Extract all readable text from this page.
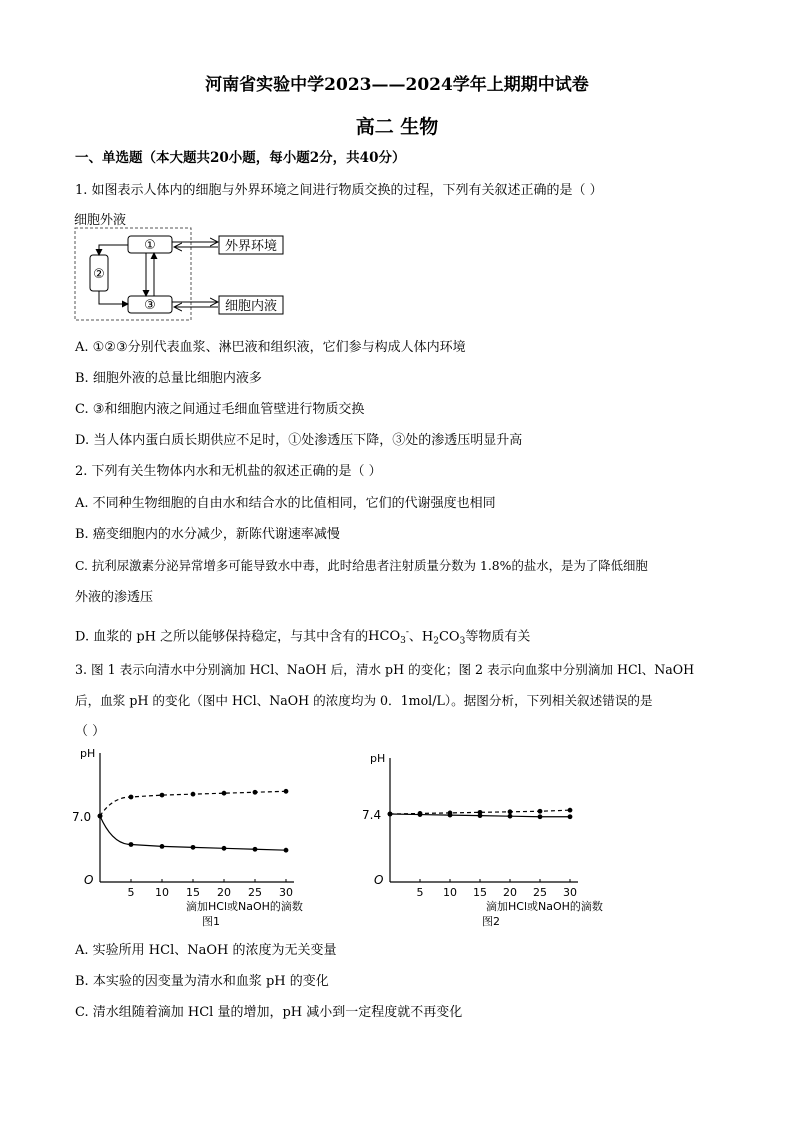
河南省实验中学2023——2024学年上期期中试卷
高二 生物
一、单选题（本大题共20小题，每小题2分，共40分）
1. 如图表示人体内的细胞与外界环境之间进行物质交换的过程，下列有关叙述正确的是（ ）
细胞外液
①
③
②
外界环境
细胞内液
A. ①②③分别代表血浆、淋巴液和组织液，它们参与构成人体内环境
B. 细胞外液的总量比细胞内液多
C. ③和细胞内液之间通过毛细血管壁进行物质交换
D. 当人体内蛋白质长期供应不足时，①处渗透压下降，③处的渗透压明显升高
2. 下列有关生物体内水和无机盐的叙述正确的是（ ）
A. 不同种生物细胞的自由水和结合水的比值相同，它们的代谢强度也相同
B. 癌变细胞内的水分减少，新陈代谢速率减慢
C. 抗利尿激素分泌异常增多可能导致水中毒，此时给患者注射质量分数为 1.8%的盐水，是为了降低细胞
外液的渗透压
D. 血浆的 pH 之所以能够保持稳定，与其中含有的$HCO_3^-$、$H_2CO_3$等物质有关
3. 图 1 表示向清水中分别滴加 HCl、NaOH 后，清水 pH 的变化；图 2 表示向血浆中分别滴加 HCl、NaOH
后，血浆 pH 的变化（图中 HCl、NaOH 的浓度均为 0．1mol/L）。据图分析，下列相关叙述错误的是
（ ）
pH
O
7.0
5 10 15 20 25 30
滴加HCl或NaOH的滴数
图1
pH
O
7.4
5 10 15 20 25 30
滴加HCl或NaOH的滴数
图2
A. 实验所用 HCl、NaOH 的浓度为无关变量
B. 本实验的因变量为清水和血浆 pH 的变化
C. 清水组随着滴加 HCl 量的增加，pH 减小到一定程度就不再变化
